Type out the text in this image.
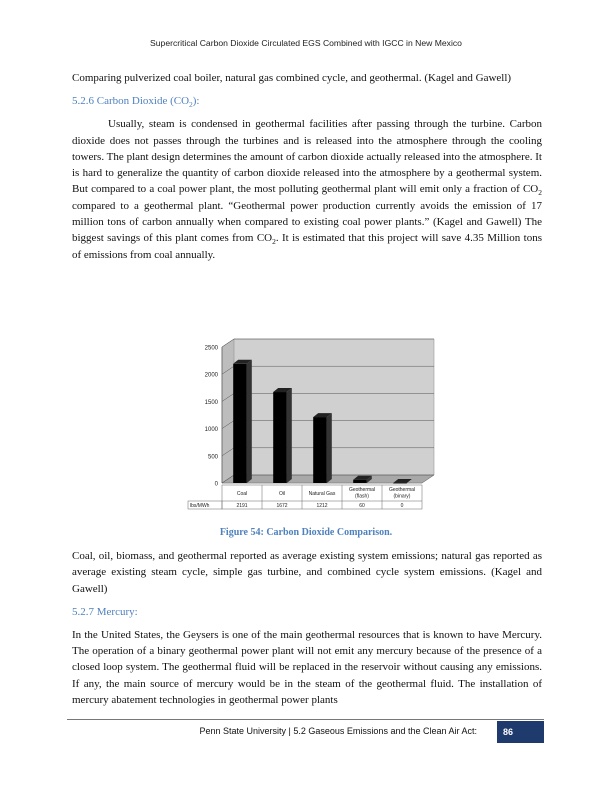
Supercritical Carbon Dioxide Circulated EGS Combined with IGCC in New Mexico

Comparing pulverized coal boiler, natural gas combined cycle, and geothermal. (Kagel and Gawell)

5.2.6 Carbon Dioxide $(CO_2)$:

Usually, steam is condensed in geothermal facilities after passing through the turbine. Carbon dioxide does not passes through the turbines and is released into the atmosphere through the cooling towers. The plant design determines the amount of carbon dioxide actually released into the atmosphere. It is hard to generalize the quantity of carbon dioxide released into the atmosphere by a geothermal system. But compared to a coal power plant, the most polluting geothermal plant will emit only a fraction of $CO_2$ compared to a geothermal plant. “Geothermal power production currently avoids the emission of 17 million tons of carbon annually when compared to existing coal power plants.” (Kagel and Gawell) The biggest savings of this plant comes from $CO_2$. It is estimated that this project will save 4.35 Million tons of emissions from coal annually.

0
500
1000
1500
2000
2500
lbs/MWh
Coal
2191
Oil
1672
Natural Gas
1212
Geothermal
(flash)
60
Geothermal
(binary)
0
Figure 54: Carbon Dioxide Comparison.

Coal, oil, biomass, and geothermal reported as average existing system emissions; natural gas reported as average existing steam cycle, simple gas turbine, and combined cycle system emissions. (Kagel and Gawell)

5.2.7 Mercury:

In the United States, the Geysers is one of the main geothermal resources that is known to have Mercury. The operation of a binary geothermal power plant will not emit any mercury because of the presence of a closed loop system. The geothermal fluid will be replaced in the reservoir without causing any emissions. If any, the main source of mercury would be in the steam of the geothermal fluid. The installation of mercury abatement technologies in geothermal power plants

Penn State University | 5.2 Gaseous Emissions and the Clean Air Act:	86
